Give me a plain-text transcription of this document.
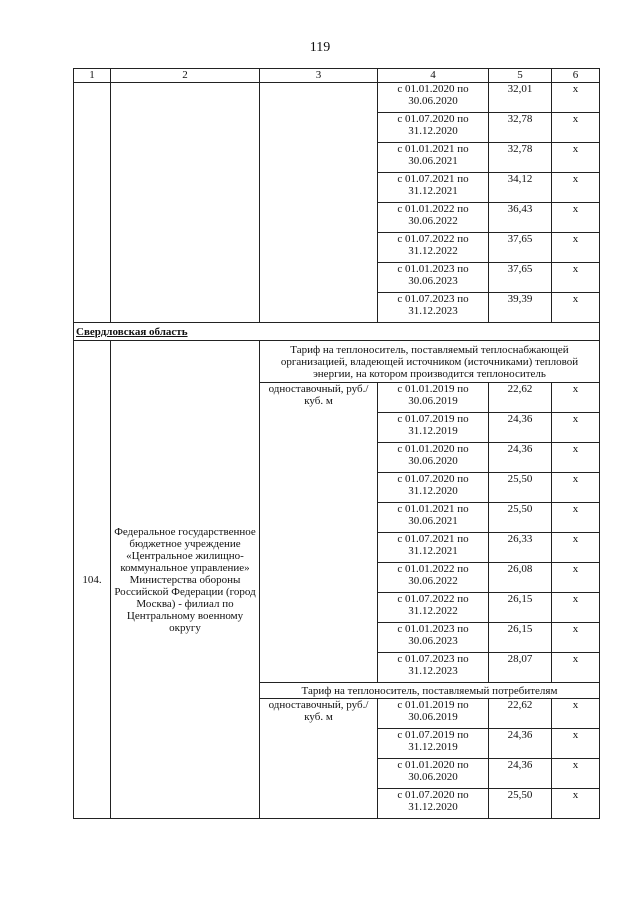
119
1	2	3	4	5	6
			с 01.01.2020 по 30.06.2020	32,01	х
			с 01.07.2020 по 31.12.2020	32,78	х
			с 01.01.2021 по 30.06.2021	32,78	х
			с 01.07.2021 по 31.12.2021	34,12	х
			с 01.01.2022 по 30.06.2022	36,43	х
			с 01.07.2022 по 31.12.2022	37,65	х
			с 01.01.2023 по 30.06.2023	37,65	х
			с 01.07.2023 по 31.12.2023	39,39	х
Свердловская область					
104.	Федеральное государственное бюджетное учреждение «Центральное жилищно-коммунальное управление» Министерства обороны Российской Федерации (город Москва) - филиал по Центральному военному округу	Тариф на теплоноситель, поставляемый теплоснабжающей организацией, владеющей источником (источниками) тепловой энергии, на котором производится теплоноситель			
		одноставочный, руб./куб. м	с 01.01.2019 по 30.06.2019	22,62	х
			с 01.07.2019 по 31.12.2019	24,36	х
			с 01.01.2020 по 30.06.2020	24,36	х
			с 01.07.2020 по 31.12.2020	25,50	х
			с 01.01.2021 по 30.06.2021	25,50	х
			с 01.07.2021 по 31.12.2021	26,33	х
			с 01.01.2022 по 30.06.2022	26,08	х
			с 01.07.2022 по 31.12.2022	26,15	х
			с 01.01.2023 по 30.06.2023	26,15	х
			с 01.07.2023 по 31.12.2023	28,07	х
		Тариф на теплоноситель, поставляемый потребителям			
		одноставочный, руб./куб. м	с 01.01.2019 по 30.06.2019	22,62	х
			с 01.07.2019 по 31.12.2019	24,36	х
			с 01.01.2020 по 30.06.2020	24,36	х
			с 01.07.2020 по 31.12.2020	25,50	х
